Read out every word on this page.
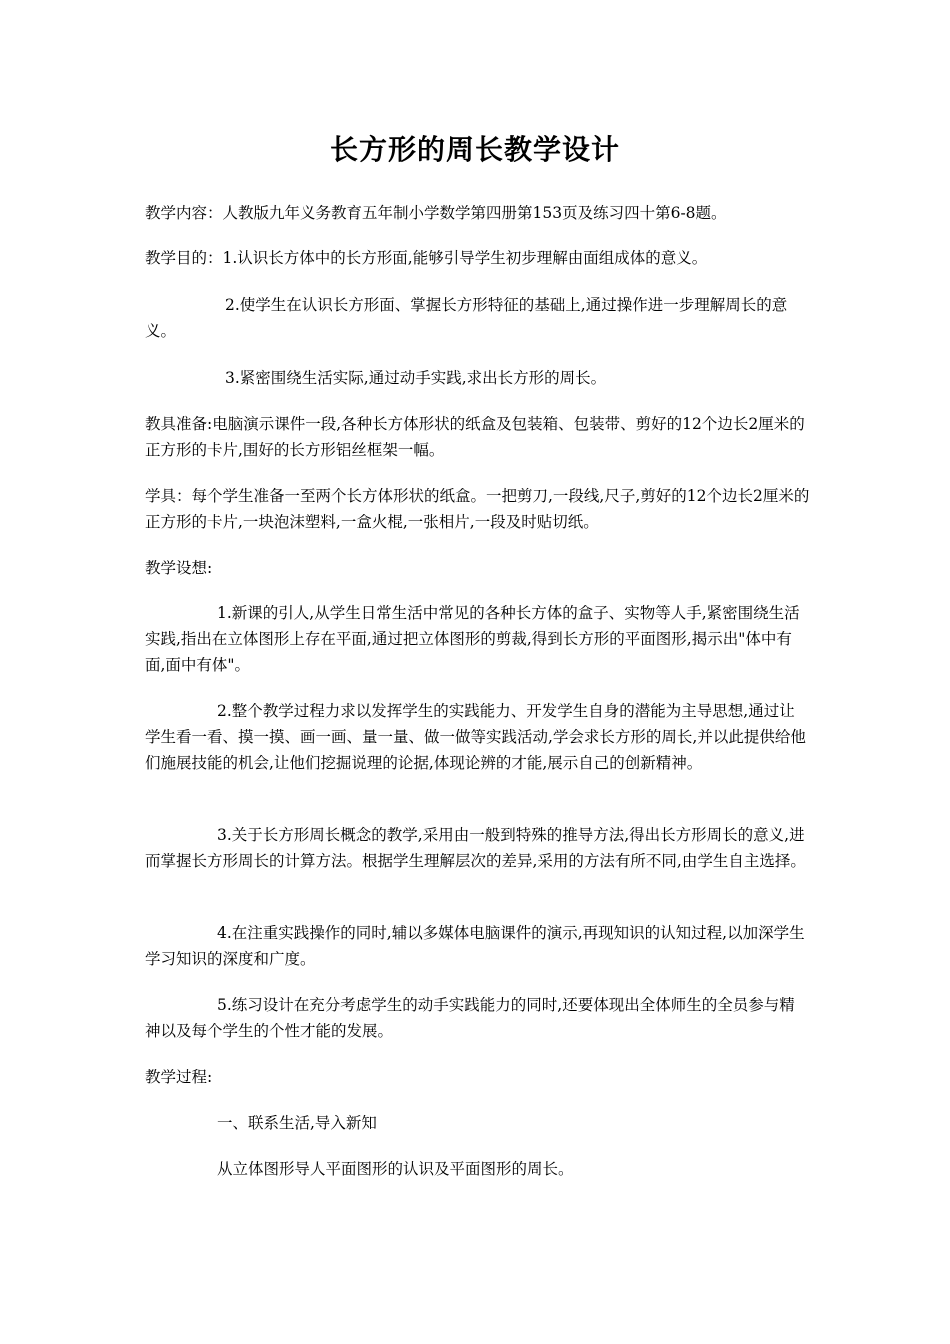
长方形的周长教学设计

教学内容：人教版九年义务教育五年制小学数学第四册第153页及练习四十第6-8题。

教学目的：1.认识长方体中的长方形面,能够引导学生初步理解由面组成体的意义。

2.使学生在认识长方形面、掌握长方形特征的基础上,通过操作进一步理解周长的意义。

3.紧密围绕生活实际,通过动手实践,求出长方形的周长。

教具准备:电脑演示课件一段,各种长方体形状的纸盒及包装箱、包装带、剪好的12个边长2厘米的正方形的卡片,围好的长方形铝丝框架一幅。

学具：每个学生准备一至两个长方体形状的纸盒。一把剪刀,一段线,尺子,剪好的12个边长2厘米的正方形的卡片,一块泡沫塑料,一盒火棍,一张相片,一段及时贴切纸。

教学设想:

1.新课的引人,从学生日常生活中常见的各种长方体的盒子、实物等人手,紧密围绕生活实践,指出在立体图形上存在平面,通过把立体图形的剪裁,得到长方形的平面图形,揭示出"体中有面,面中有体"。

2.整个教学过程力求以发挥学生的实践能力、开发学生自身的潜能为主导思想,通过让学生看一看、摸一摸、画一画、量一量、做一做等实践活动,学会求长方形的周长,并以此提供给他们施展技能的机会,让他们挖掘说理的论据,体现论辨的才能,展示自己的创新精神。

3.关于长方形周长概念的教学,采用由一般到特殊的推导方法,得出长方形周长的意义,进而掌握长方形周长的计算方法。根据学生理解层次的差异,采用的方法有所不同,由学生自主选择。

4.在注重实践操作的同时,辅以多媒体电脑课件的演示,再现知识的认知过程,以加深学生学习知识的深度和广度。

5.练习设计在充分考虑学生的动手实践能力的同时,还要体现出全体师生的全员参与精神以及每个学生的个性才能的发展。

教学过程:

一、联系生活,导入新知

从立体图形导人平面图形的认识及平面图形的周长。
